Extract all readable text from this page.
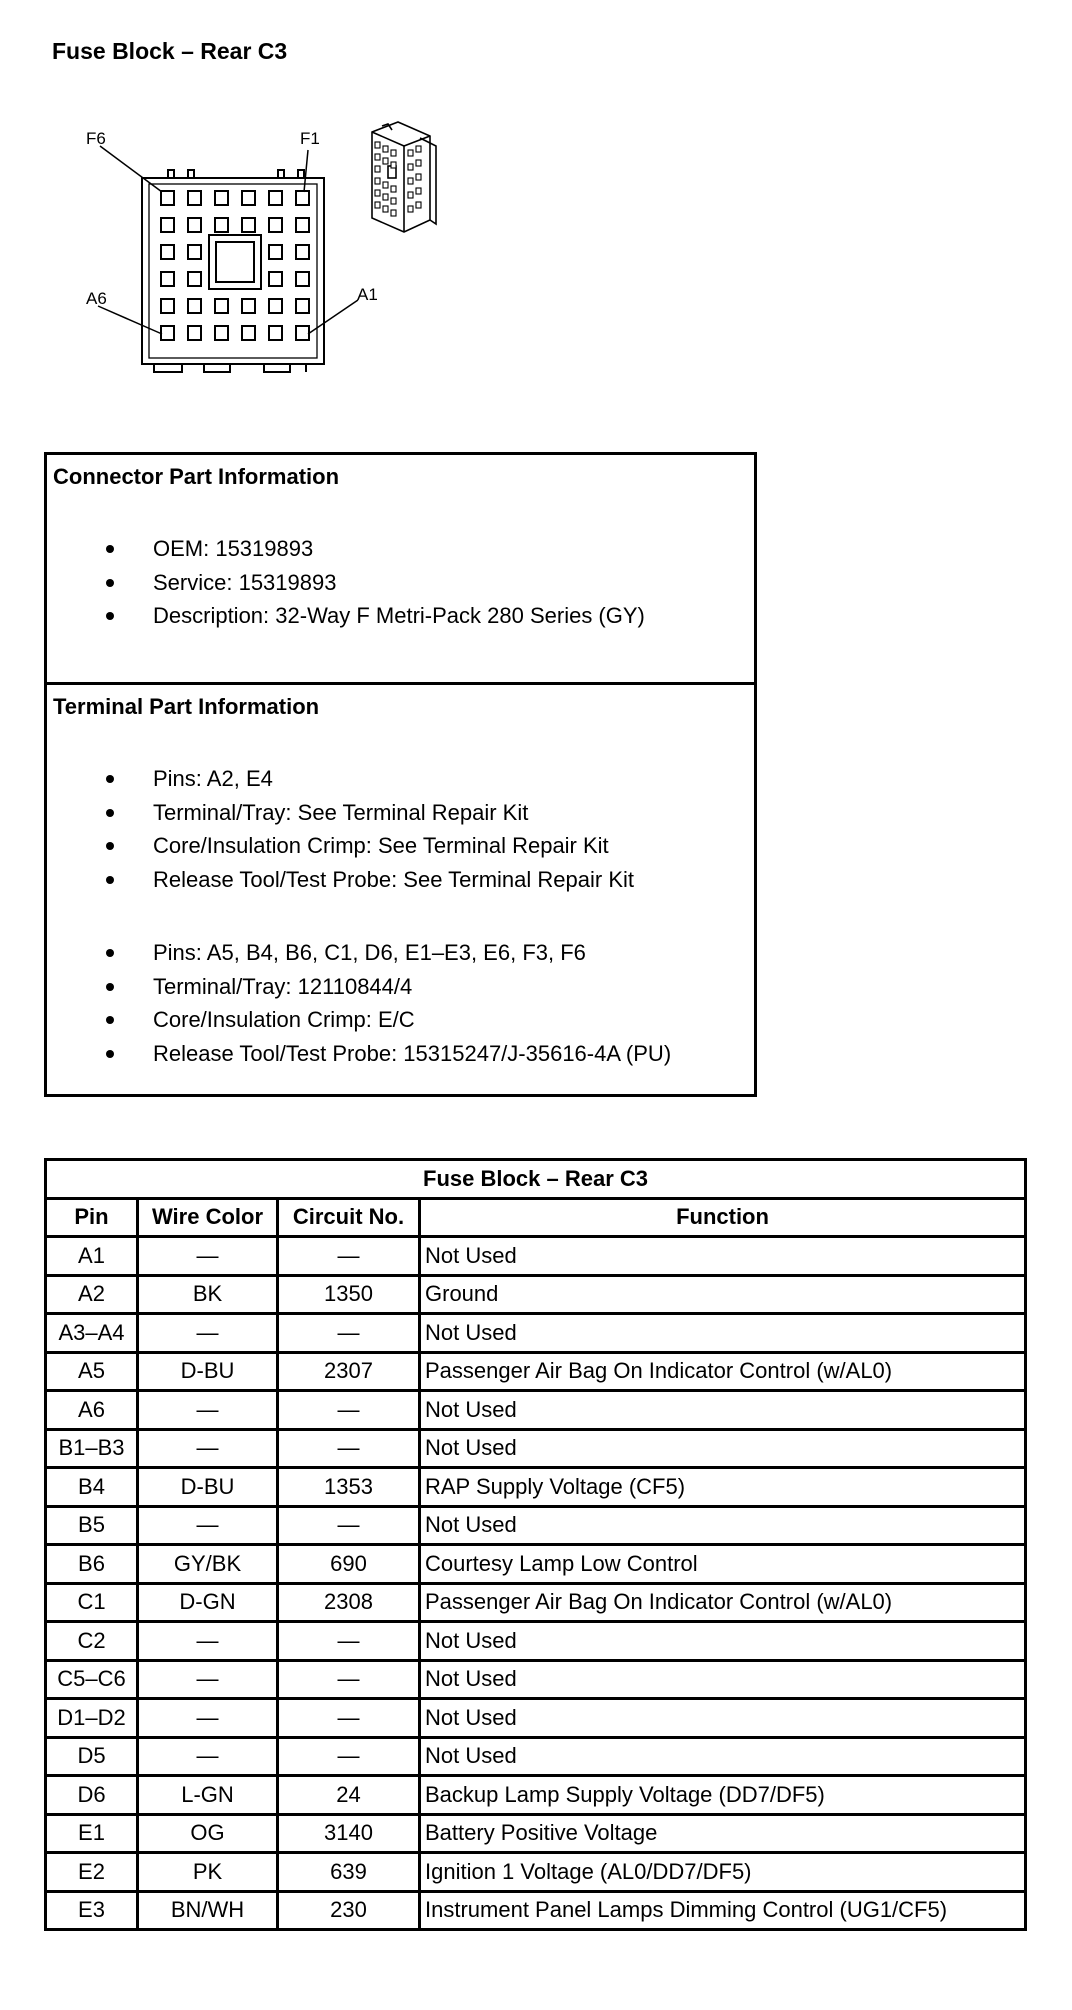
Fuse Block – Rear C3
F6	F1
A6	A1
Connector Part Information
OEM: 15319893
Service: 15319893
Description: 32-Way F Metri-Pack 280 Series (GY)
Terminal Part Information
Pins: A2, E4
Terminal/Tray: See Terminal Repair Kit
Core/Insulation Crimp: See Terminal Repair Kit
Release Tool/Test Probe: See Terminal Repair Kit
Pins: A5, B4, B6, C1, D6, E1–E3, E6, F3, F6
Terminal/Tray: 12110844/4
Core/Insulation Crimp: E/C
Release Tool/Test Probe: 15315247/J-35616-4A (PU)
Fuse Block – Rear C3			
Pin	Wire Color	Circuit No.	Function
A1	—	—	Not Used
A2	BK	1350	Ground
A3–A4	—	—	Not Used
A5	D-BU	2307	Passenger Air Bag On Indicator Control (w/AL0)
A6	—	—	Not Used
B1–B3	—	—	Not Used
B4	D-BU	1353	RAP Supply Voltage (CF5)
B5	—	—	Not Used
B6	GY/BK	690	Courtesy Lamp Low Control
C1	D-GN	2308	Passenger Air Bag On Indicator Control (w/AL0)
C2	—	—	Not Used
C5–C6	—	—	Not Used
D1–D2	—	—	Not Used
D5	—	—	Not Used
D6	L-GN	24	Backup Lamp Supply Voltage (DD7/DF5)
E1	OG	3140	Battery Positive Voltage
E2	PK	639	Ignition 1 Voltage (AL0/DD7/DF5)
E3	BN/WH	230	Instrument Panel Lamps Dimming Control (UG1/CF5)
